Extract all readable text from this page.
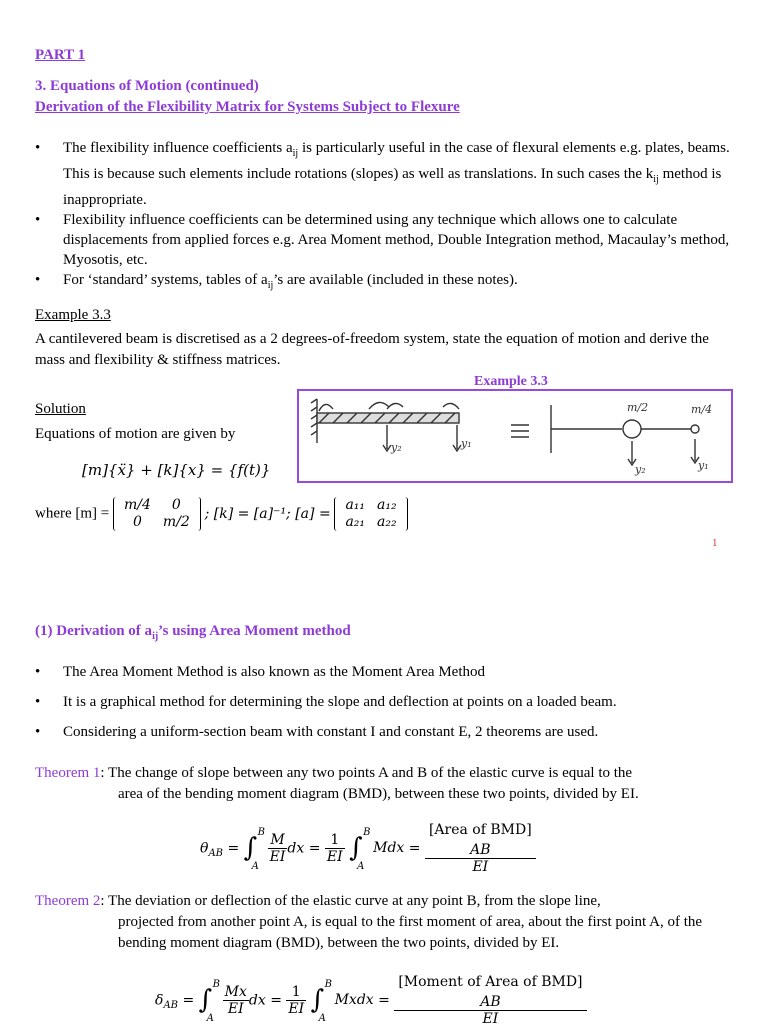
PART 1
3. Equations of Motion (continued)
Derivation of the Flexibility Matrix for Systems Subject to Flexure
• The flexibility influence coefficients $a_{ij}$ is particularly useful in the case of flexural elements e.g. plates, beams. This is because such elements include rotations (slopes) as well as translations. In such cases the $k_{ij}$ method is inappropriate.
• Flexibility influence coefficients can be determined using any technique which allows one to calculate displacements from applied forces e.g. Area Moment method, Double Integration method, Macaulay’s method, Myosotis, etc.
• For ‘standard’ systems, tables of $a_{ij}’s$ are available (included in these notes).
Example 3.3
A cantilevered beam is discretised as a 2 degrees-of-freedom system, state the equation of motion and derive the mass and flexibility & stiffness matrices.
Example 3.3
y₂	y₁
y₂	y₁
m/2	m/4
Solution
Equations of motion are given by
[m]{ẍ} + [k]{x} = {f(t)}
where [m] =
m/4	0
0	m/2 ; [k] = [a]⁻¹; [a] =
a₁₁	a₁₂
a₂₁	a₂₂
1
(1) Derivation of $a_{ij}’s$ using Area Moment method
• The Area Moment Method is also known as the Moment Area Method
• It is a graphical method for determining the slope and deflection at points on a loaded beam.
• Considering a uniform-section beam with constant I and constant E, 2 theorems are used.
Theorem 1: The change of slope between any two points A and B of the elastic curve is equal to the
area of the bending moment diagram (BMD), between these two points, divided by EI.
$\theta_{AB}$ = ∫
B
A

$\frac{M}{EI}$ dx = $\frac{1}{EI}$ ∫
B
A
Mdx = [Area of BMD]
$_{AB}$
EI
Theorem 2: The deviation or deflection of the elastic curve at any point B, from the slope line,
projected from another point A, is equal to the first moment of area, about the first point A, of the bending moment diagram (BMD), between the two points, divided by EI.
$\delta_{AB}$ = ∫
B
A

$\frac{Mx}{EI}$ dx = $\frac{1}{EI}$ ∫
B
A
Mxdx = [Moment of Area of BMD]
$_{AB}$
EI
